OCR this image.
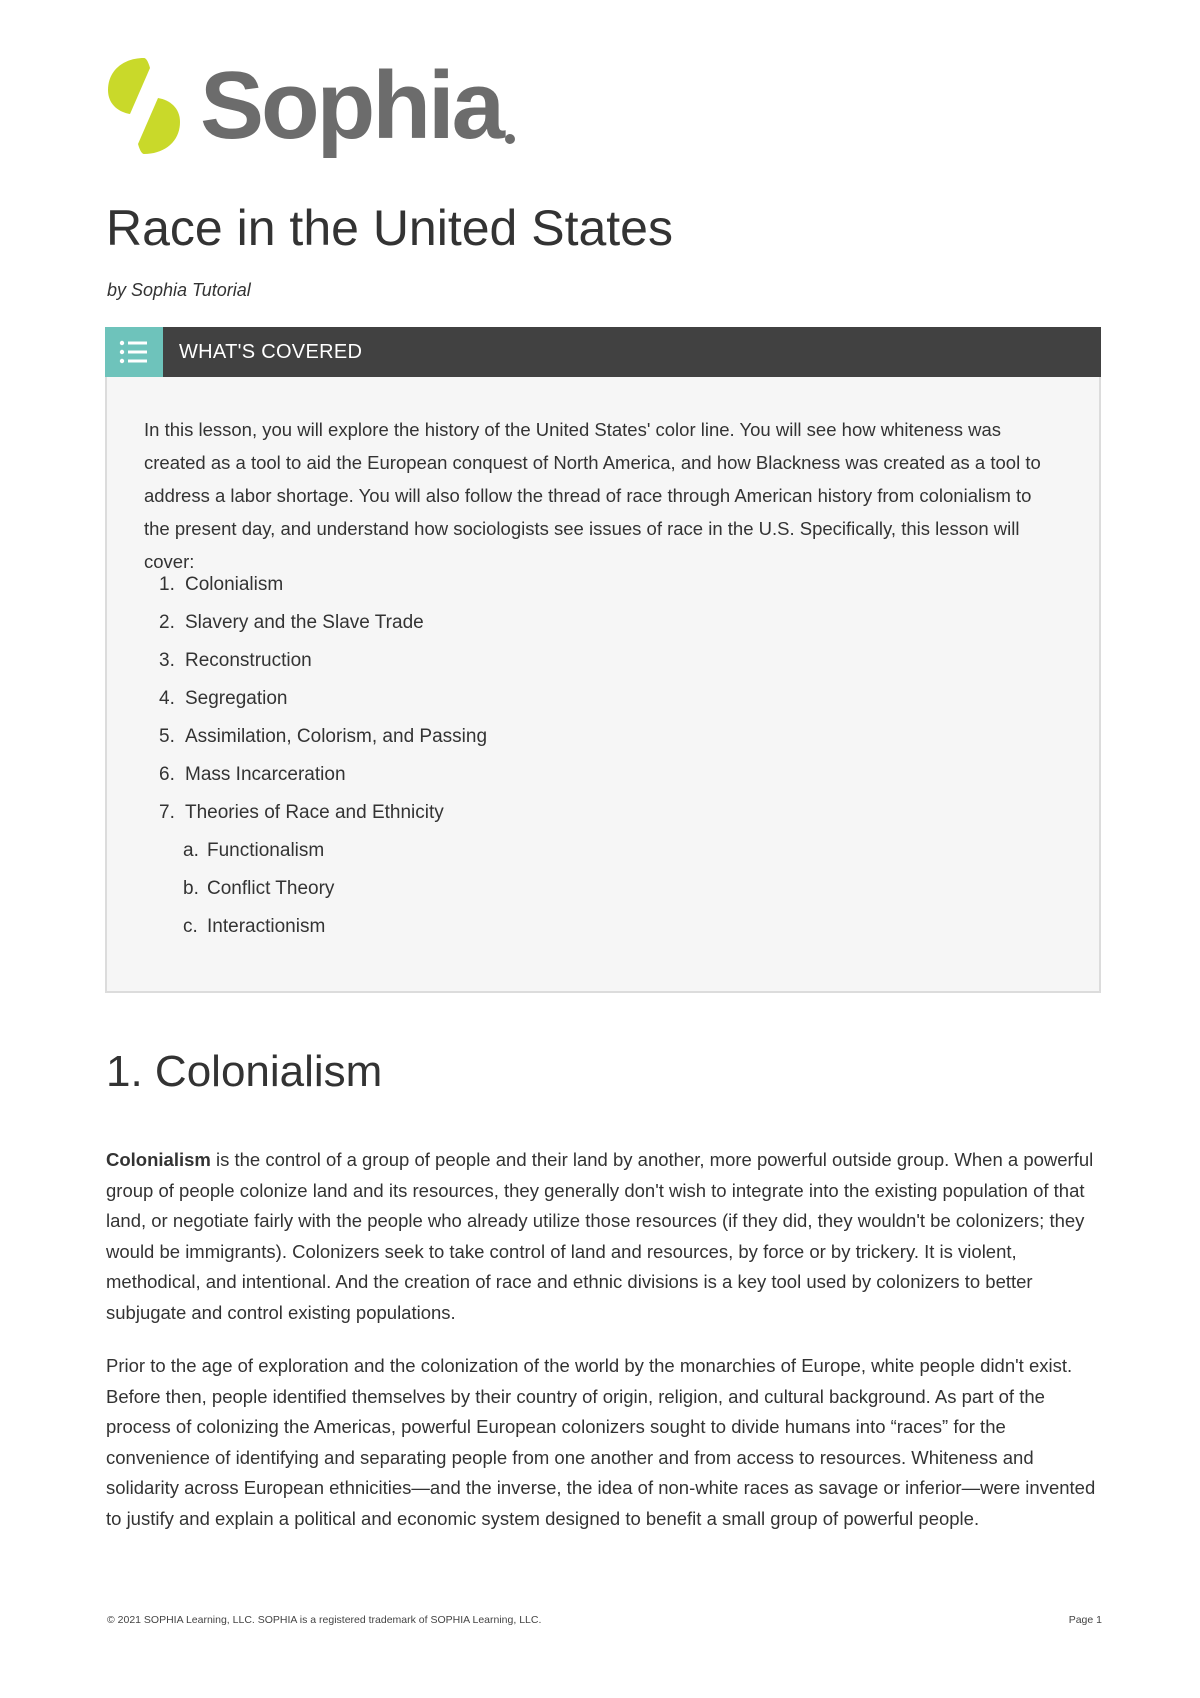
Sophia
Race in the United States

by Sophia Tutorial

WHAT'S COVERED

In this lesson, you will explore the history of the United States' color line. You will see how whiteness was created as a tool to aid the European conquest of North America, and how Blackness was created as a tool to address a labor shortage. You will also follow the thread of race through American history from colonialism to the present day, and understand how sociologists see issues of race in the U.S. Specifically, this lesson will cover:

1. Colonialism
2. Slavery and the Slave Trade
3. Reconstruction
4. Segregation
5. Assimilation, Colorism, and Passing
6. Mass Incarceration
7. Theories of Race and Ethnicity
a. Functionalism
b. Conflict Theory
c. Interactionism
1. Colonialism

Colonialism is the control of a group of people and their land by another, more powerful outside group. When a powerful group of people colonize land and its resources, they generally don't wish to integrate into the existing population of that land, or negotiate fairly with the people who already utilize those resources (if they did, they wouldn't be colonizers; they would be immigrants). Colonizers seek to take control of land and resources, by force or by trickery. It is violent, methodical, and intentional. And the creation of race and ethnic divisions is a key tool used by colonizers to better subjugate and control existing populations.

Prior to the age of exploration and the colonization of the world by the monarchies of Europe, white people didn't exist. Before then, people identified themselves by their country of origin, religion, and cultural background. As part of the process of colonizing the Americas, powerful European colonizers sought to divide humans into “races” for the convenience of identifying and separating people from one another and from access to resources. Whiteness and solidarity across European ethnicities—and the inverse, the idea of non-white races as savage or inferior—were invented to justify and explain a political and economic system designed to benefit a small group of powerful people.

© 2021 SOPHIA Learning, LLC. SOPHIA is a registered trademark of SOPHIA Learning, LLC.	Page 1
